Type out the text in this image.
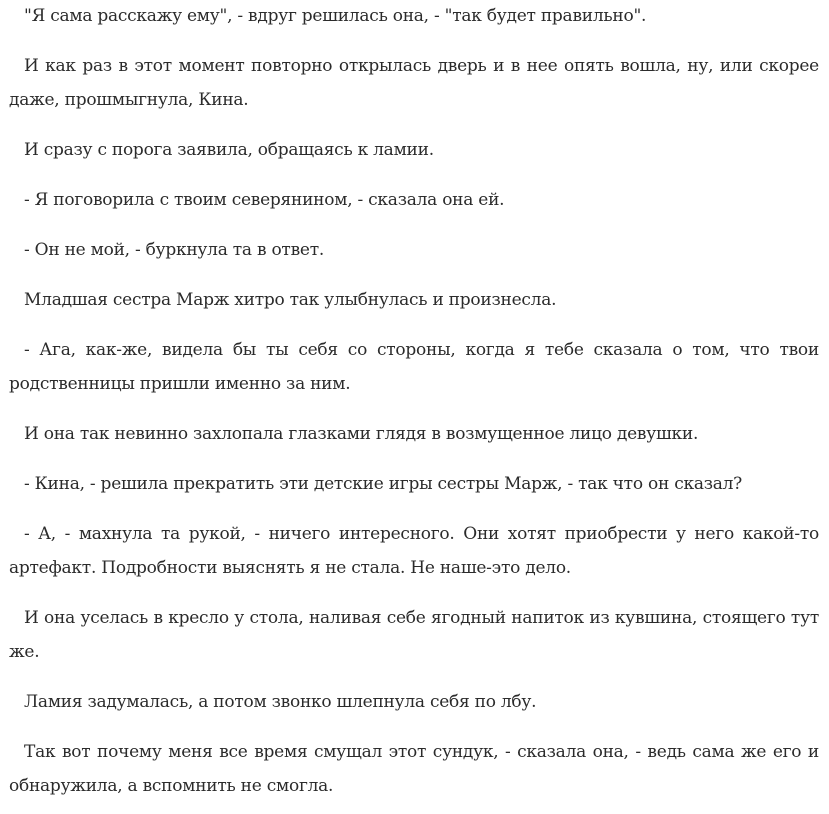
"Я сама расскажу ему", - вдруг решилась она, - "так будет правильно".

И как раз в этот момент повторно открылась дверь и в нее опять вошла, ну, или скорее даже, прошмыгнула, Кина.

И сразу с порога заявила, обращаясь к ламии.

- Я поговорила с твоим северянином, - сказала она ей.

- Он не мой, - буркнула та в ответ.

Младшая сестра Марж хитро так улыбнулась и произнесла.

- Ага, как-же, видела бы ты себя со стороны, когда я тебе сказала о том, что твои родственницы пришли именно за ним.

И она так невинно захлопала глазками глядя в возмущенное лицо девушки.

- Кина, - решила прекратить эти детские игры сестры Марж, - так что он сказал?

- А, - махнула та рукой, - ничего интересного. Они хотят приобрести у него какой-то артефакт. Подробности выяснять я не стала. Не наше-это дело.

И она уселась в кресло у стола, наливая себе ягодный напиток из кувшина, стоящего тут же.

Ламия задумалась, а потом звонко шлепнула себя по лбу.

Так вот почему меня все время смущал этот сундук, - сказала она, - ведь сама же его и обнаружила, а вспомнить не смогла.
